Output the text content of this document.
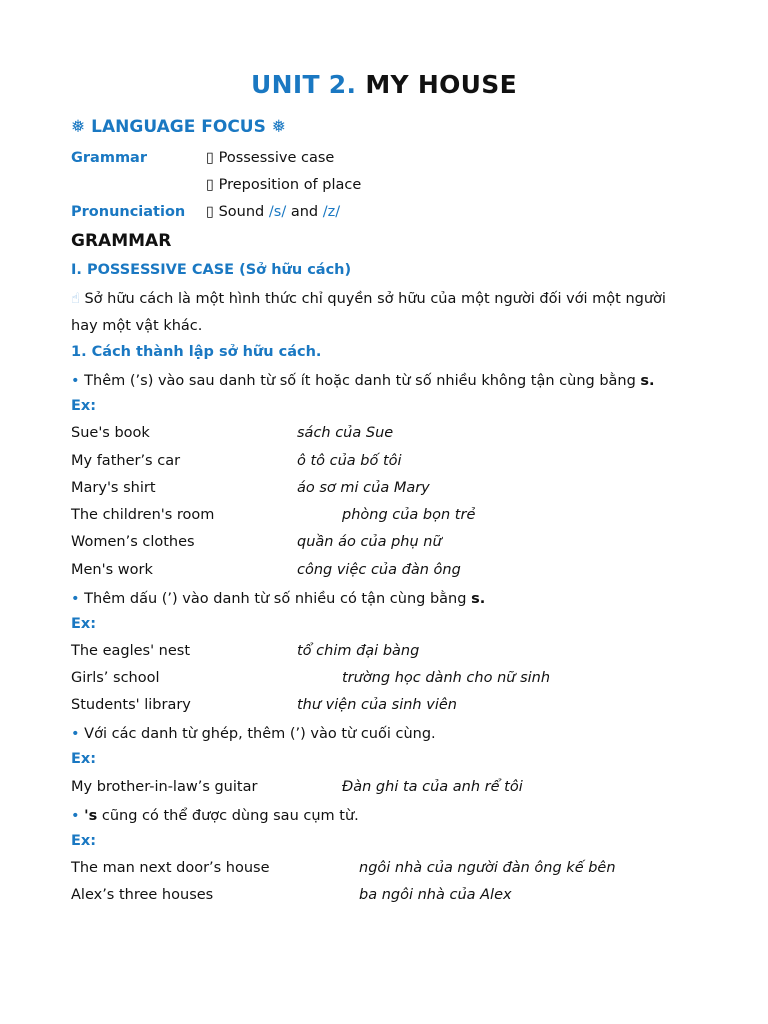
UNIT 2. MY HOUSE
❅ LANGUAGE FOCUS ❅
Grammar	▯ Possessive case
▯ Preposition of place
Pronunciation ▯ Sound /s/ and /z/
GRAMMAR
I. POSSESSIVE CASE (Sở hữu cách)
☝ Sở hữu cách là một hình thức chỉ quyền sở hữu của một người đối với một người
hay một vật khác.
1. Cách thành lập sở hữu cách.
• Thêm (’s) vào sau danh từ số ít hoặc danh từ số nhiều không tận cùng bằng s.
Ex:
Sue's book	sách của Sue
My father’s car	ô tô của bố tôi
Mary's shirt	áo sơ mi của Mary
The children's room	phòng của bọn trẻ
Women’s clothes	quần áo của phụ nữ
Men's work	công việc của đàn ông
• Thêm dấu (’) vào danh từ số nhiều có tận cùng bằng s.
Ex:
The eagles' nest	tổ chim đại bàng
Girls’ school	trường học dành cho nữ sinh
Students' library	thư viện của sinh viên
• Với các danh từ ghép, thêm (’) vào từ cuối cùng.
Ex:
My brother-in-law’s guitar	Đàn ghi ta của anh rể tôi
• 's cũng có thể được dùng sau cụm từ.
Ex:
The man next door’s house	ngôi nhà của người đàn ông kế bên
Alex’s three houses	ba ngôi nhà của Alex
